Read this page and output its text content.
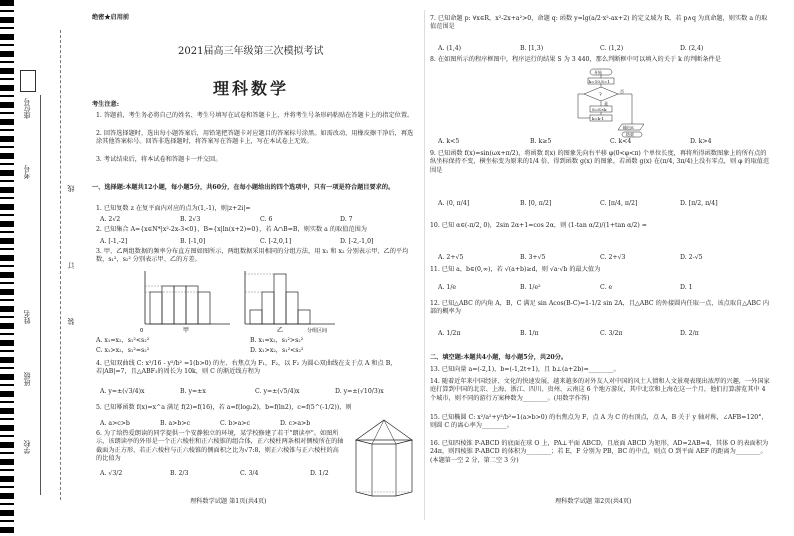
座位号
考号
姓名
班级
学校
线
订
装
绝密★启用前
2021届高三年级第三次模拟考试
理科数学
考生注意:
1. 答题前，考生务必将自己的姓名、考生号填写在试卷和答题卡上，并将考生号条形码粘贴在答题卡上的指定位置。
2. 回答选择题时，选出每小题答案后，用铅笔把答题卡对应题目的答案标号涂黑。如需改动，用橡皮擦干净后，再选涂其他答案标号。回答非选择题时，将答案写在答题卡上，写在本试卷上无效。
3. 考试结束后，将本试卷和答题卡一并交回。
一、选择题:本题共12小题，每小题5分，共60分，在每小题给出的四个选项中，只有一项是符合题目要求的。
1. 已知复数 z 在复平面内对应的点为(1,-1)，则|z+2i|=
A. 2√2	B. 2√3	C. 6	D. 7
2. 已知集合 A={x∈N*|x²-2x-3<0}，B={x|ln(x+2)=0}，若 A∩B=B，则实数 a 的取值范围为
A. [-1,-2]	B. [-1,0]	C. [-2,0,1]	D. [-2,-1,0]
3. 甲、乙两组数据的频率分布直方图如图所示，两组数据采用相同的分组方法，用 x₁ 和 x₂ 分别表示甲、乙的平均数，s₁²，s₂² 分别表示甲、乙的方差。
0	甲	乙	分组区间
A. x₁=x₂，s₁²<s₂²	B. x₁=x₂，s₁²>s₂²
C. x₁>x₂，s₁²=s₂²	D. x₁>x₂，s₁²<s₂²
4. 已知双曲线 C: x²/16 - y²/b² =1(b>0) 的左、右焦点为 F₁，F₂，以 F₂ 为圆心双曲线在支于点 A 和点 B，若|AB|=7，且△ABF₁的周长为 10k，则 C 的渐近线方程为
A. y=±(√3/4)x	B. y=±x	C. y=±(√5/4)x	D. y=±(√10/3)x
5. 已知幂函数 f(x)=x^a 满足 f(2)=f(16)，若 a=f(log₃2)，b=f(ln2)，c=f(5^(-1/2))，则
A. a>c>b	B. a>b>c	C. b>a>c	D. c>a>b
6. 为了给热爱朗读的同学提供一个安静独立的环境，某学校修建了若干"朗读亭"。如图所示，该朗读亭的外形是一个正六棱柱和正六棱锥的组合体，正六棱柱两条相对侧棱所在的轴截面为正方形，若正六棱柱与正六棱锥的侧面积之比为√7:8，则正六棱锥与正六棱柱的高的比值为
A. √3/2	B. 2/3	C. 3/4	D. 1/2
理科数学试题 第1页(共4页)
7. 已知命题 p: ∀x∈R，x²-2x+a²>0，命题 q: 函数 y=lg(a/2·x²-ax+2) 的定义域为 R，若 p∧q 为真命题，则实数 a 的取值范围是
A. (1,4)	B. [1,3)	C. (1,2)	D. (2,4)
8. 在如图所示的程序框图中，程序运行的结果 S 为 3 440，那么判断框中可以填入的关于 k 的判断条件是
开始
k=10,S=1
?
是
否
S=S×k
k=k-1
输出S
结束
A. k<5	B. k≥5	C. k<4	D. k>4
9. 已知函数 f(x)=sin(ωx+π/2)，将函数 f(x) 的图象先向右平移 φ(0<φ<π) 个单位长度，再将所得函数图象上的所有点的纵坐标保持不变，横坐标变为原来的1/4 倍，得到函数 g(x) 的图象，若函数 g(x) 在(π/4, 3π/4)上没有零点，则 φ 的取值范围是
A. (0, π/4]	B. [0, π/2]	C. [π/4, π/2]	D. [π/2, π/4]
10. 已知 α∈(-π/2, 0)，2sin 2α+1=cos 2α，则 (1-tan α/2)/(1+tan α/2) =
A. 2+√5	B. 3+√5	C. 2+√3	D. 2-√5
11. 已知 a，b∈(0,∞)，若 √(a+b)≥d，则 √a·√b 的最大值为
A. 1/e	B. 1/e²	C. e	D. 1
12. 已知△ABC 的内角 A，B，C 满足 sin Acos(B-C)=1-1/2 sin 2A，且△ABC 的外接圆内任取一点，该点取自△ABC 内部的概率为
A. 1/2π	B. 1/π	C. 3/2π	D. 2/π
二、填空题:本题共4小题，每小题5分，共20分。
13. 已知向量 a=(-2,1)，b=(-1,2t+1)，且 b⊥(a+2b)=________。
14. 随着近年来中国经济、文化的快速发展，越来越多的对外友人对中国的风土人情和人文景观表现出浓厚的兴趣，一外国家庭打算到中国的北京、上海、浙江、四川、贵州、云南这 6 个地方游玩，其中北京和上海在这一个月，他们打算游览其中 4 个城市，则不同的游行方案种数为________。(用数字作答)
15. 已知椭圆 C: x²/a²+y²/b²=1(a>b>0) 的右焦点为 F，点 A 为 C 的右顶点，点 A，B 关于 y 轴对称，∠AFB=120°，则圆 C 的离心率为________。
16. 已知四棱锥 P-ABCD 的底面在球 O 上，PA⊥平面 ABCD，且底面 ABCD 为矩形，AD=2AB=4，其体 O 的表面积为 24π，则四棱锥 P-ABCD 的体积为________；若 E，F 分别为 PB，BC 的中点，则点 O 到平面 AEF 的距离为________。(本题第一空 2 分，第二空 3 分)
理科数学试题 第2页(共4页)
